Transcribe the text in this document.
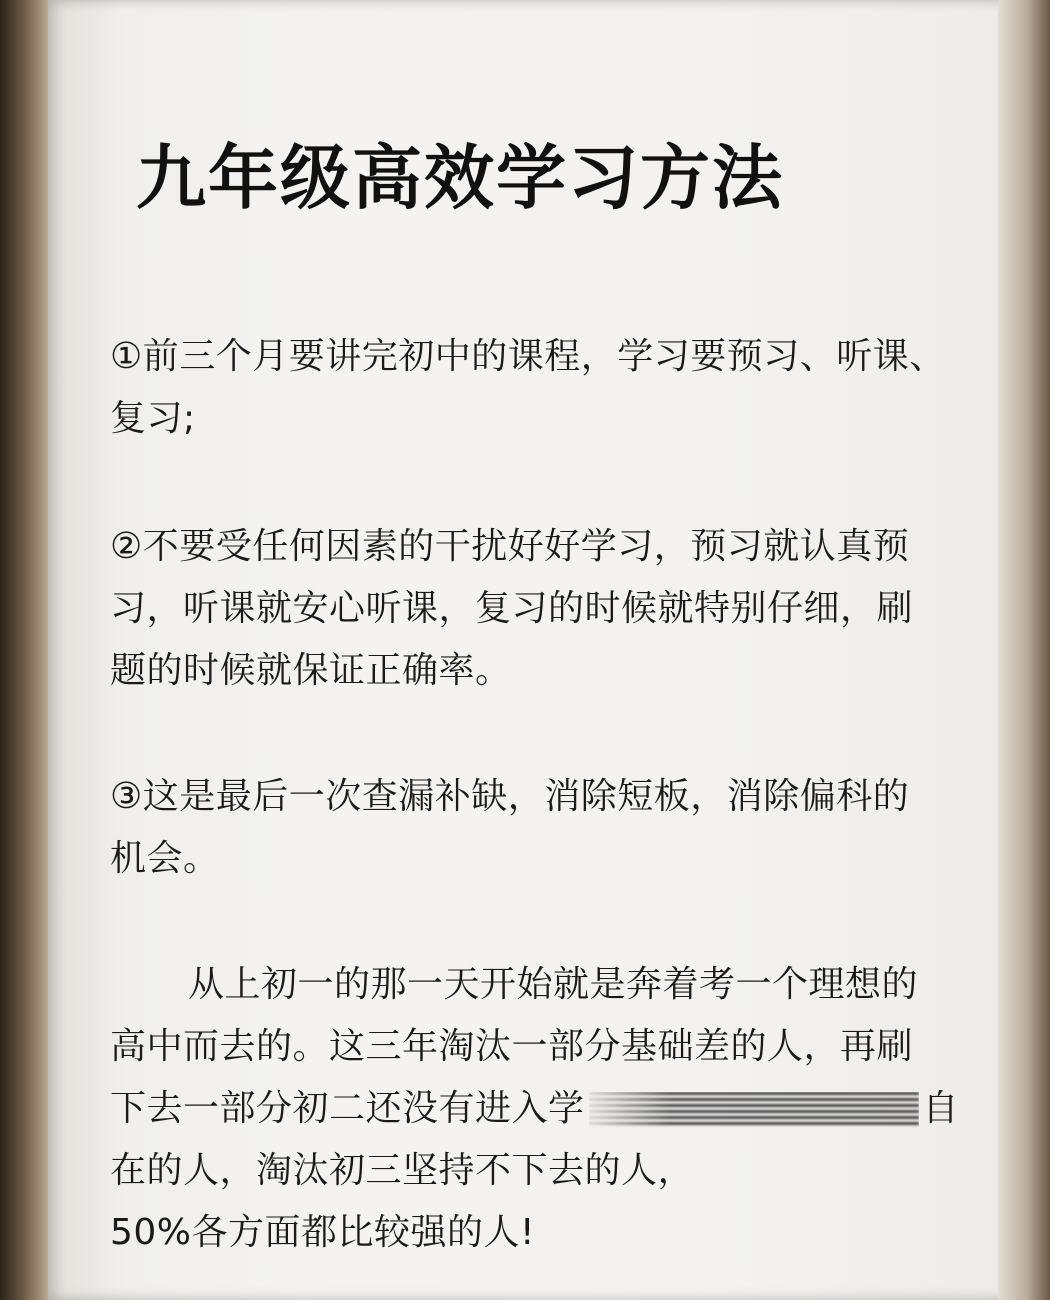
九年级高效学习方法
①前三个月要讲完初中的课程，学习要预习、听课、
复习;
②不要受任何因素的干扰好好学习，预习就认真预
习，听课就安心听课，复习的时候就特别仔细，刷
题的时候就保证正确率。
③这是最后一次查漏补缺，消除短板，消除偏科的
机会。
从上初一的那一天开始就是奔着考一个理想的
高中而去的。这三年淘汰一部分基础差的人，再刷
下去一部分初二还没有进入学	自
在的人，淘汰初三坚持不下去的人，
50%各方面都比较强的人!
